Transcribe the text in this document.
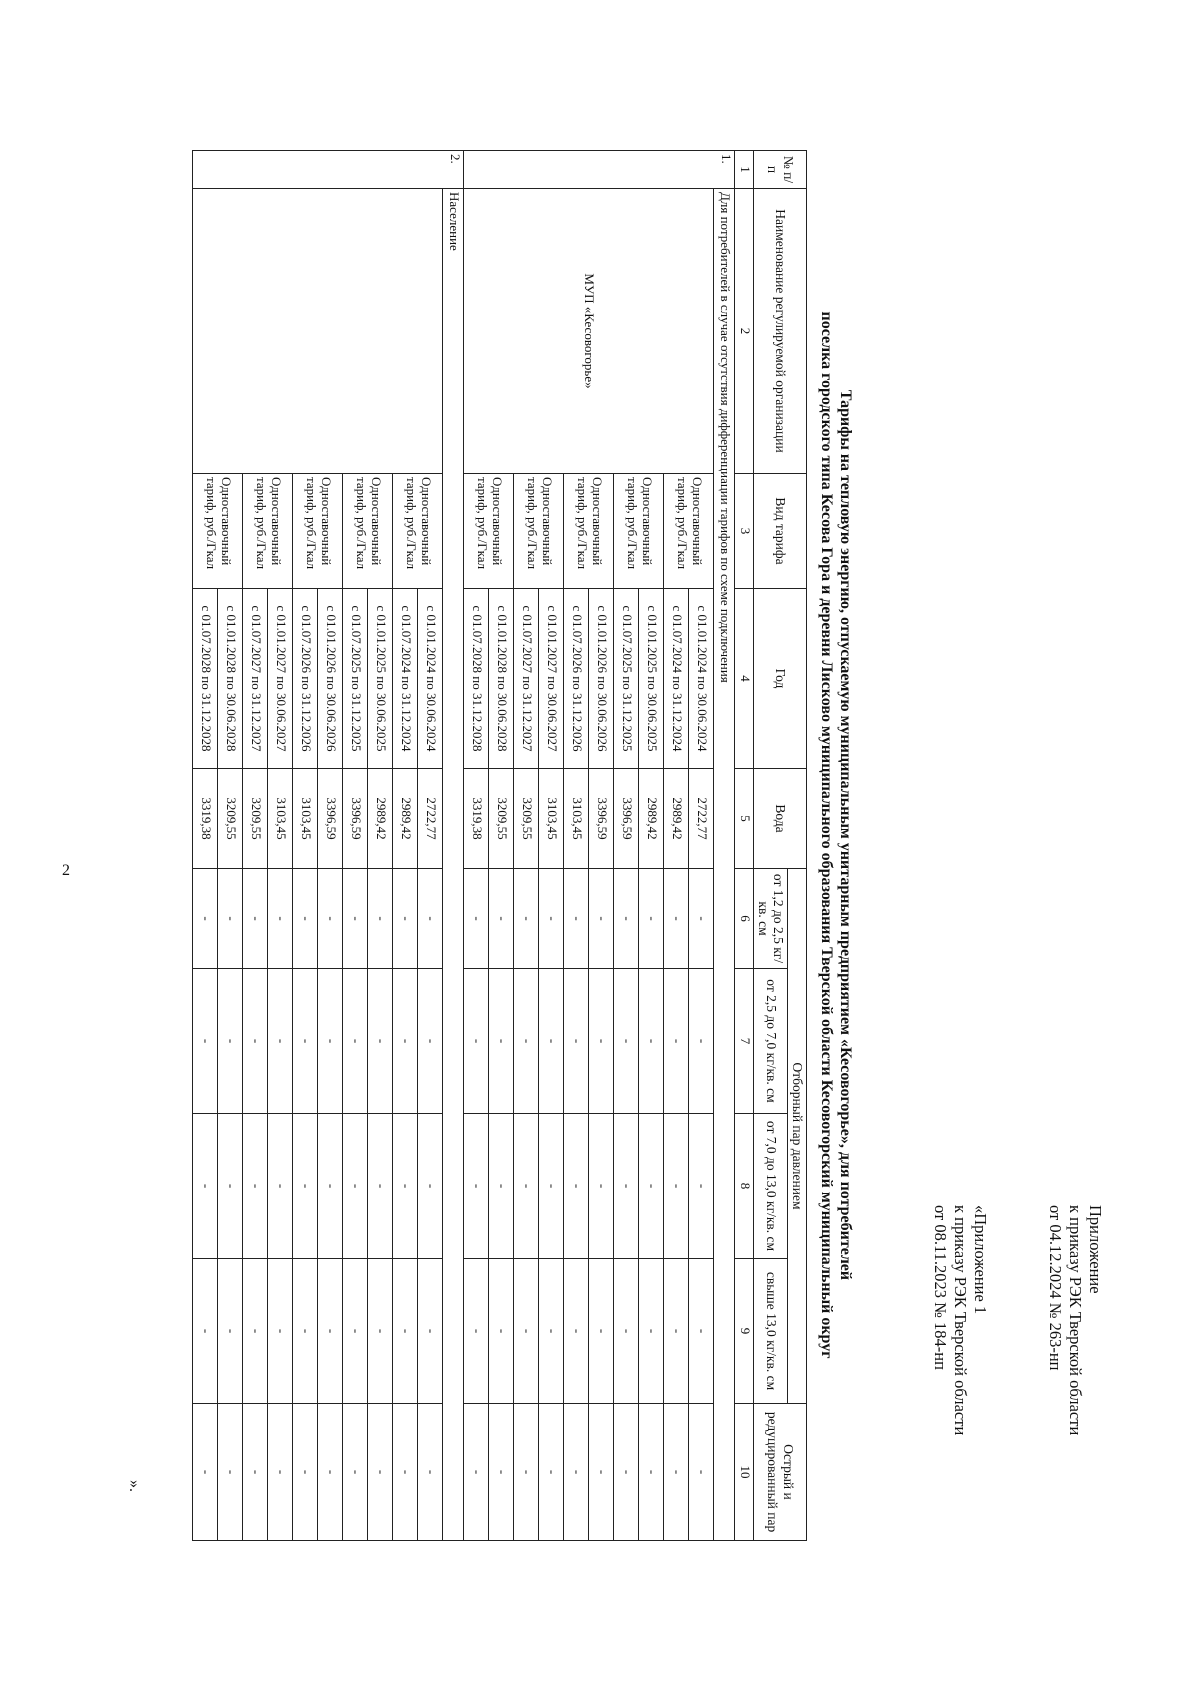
2
Приложение
к приказу РЭК Тверской области
от 04.12.2024 № 263-нп
«Приложение 1
к приказу РЭК Тверской области
от 08.11.2023 № 184-нп
Тарифы на тепловую энергию, отпускаемую муниципальным унитарным предприятием «Кесовогорье», для потребителей
поселка городского типа Кесова Гора и деревни Лисково муниципального образования Тверской области Кесовогорский муниципальный округ
№ п/п	Наименование регулируемой организации	Вид тарифа	Год	Вода	Отборный пар давлением				Острый и редуцированный пар
					от 1,2 до 2,5 кг/кв. см	от 2,5 до 7,0 кг/кв. см	от 7,0 до 13,0 кг/кв. см	свыше 13,0 кг/кв. см	
1	2	3	4	5	6	7	8	9	10
1.	Для потребителей в случае отсутствия дифференциации тарифов по схеме подключения								
	МУП «Кесовогорье»	Одноставочный тариф, руб./Гкал	с 01.01.2024 по 30.06.2024	2722,77	-	-	-	-	-
			с 01.07.2024 по 31.12.2024	2989,42	-	-	-	-	-
		Одноставочный тариф, руб./Гкал	с 01.01.2025 по 30.06.2025	2989,42	-	-	-	-	-
			с 01.07.2025 по 31.12.2025	3396,59	-	-	-	-	-
		Одноставочный тариф, руб./Гкал	с 01.01.2026 по 30.06.2026	3396,59	-	-	-	-	-
			с 01.07.2026 по 31.12.2026	3103,45	-	-	-	-	-
		Одноставочный тариф, руб./Гкал	с 01.01.2027 по 30.06.2027	3103,45	-	-	-	-	-
			с 01.07.2027 по 31.12.2027	3209,55	-	-	-	-	-
		Одноставочный тариф, руб./Гкал	с 01.01.2028 по 30.06.2028	3209,55	-	-	-	-	-
			с 01.07.2028 по 31.12.2028	3319,38	-	-	-	-	-
2.	Население								
		Одноставочный тариф, руб./Гкал	с 01.01.2024 по 30.06.2024	2722,77	-	-	-	-	-
			с 01.07.2024 по 31.12.2024	2989,42	-	-	-	-	-
		Одноставочный тариф, руб./Гкал	с 01.01.2025 по 30.06.2025	2989,42	-	-	-	-	-
			с 01.07.2025 по 31.12.2025	3396,59	-	-	-	-	-
		Одноставочный тариф, руб./Гкал	с 01.01.2026 по 30.06.2026	3396,59	-	-	-	-	-
			с 01.07.2026 по 31.12.2026	3103,45	-	-	-	-	-
		Одноставочный тариф, руб./Гкал	с 01.01.2027 по 30.06.2027	3103,45	-	-	-	-	-
			с 01.07.2027 по 31.12.2027	3209,55	-	-	-	-	-
		Одноставочный тариф, руб./Гкал	с 01.01.2028 по 30.06.2028	3209,55	-	-	-	-	-
			с 01.07.2028 по 31.12.2028	3319,38	-	-	-	-	-
».
